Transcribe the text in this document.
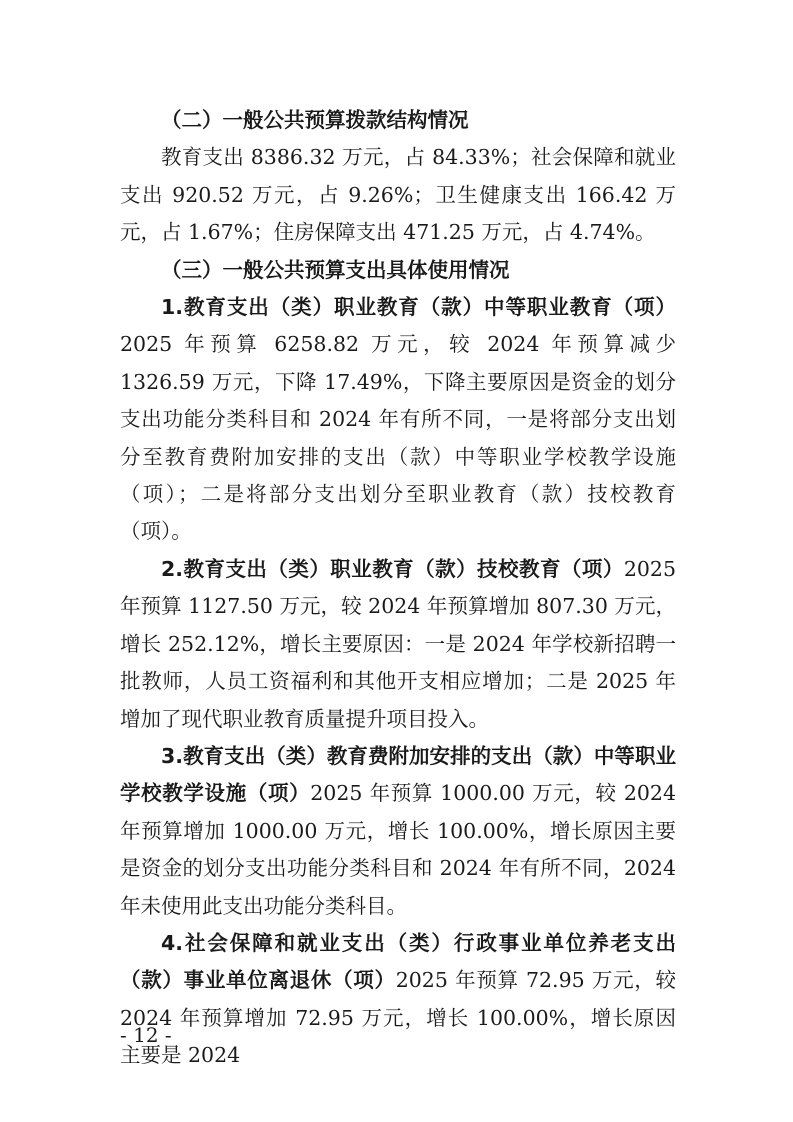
（二）一般公共预算拨款结构情况

教育支出 8386.32 万元，占 84.33%；社会保障和就业支出 920.52 万元，占 9.26%；卫生健康支出 166.42 万元，占 1.67%；住房保障支出 471.25 万元，占 4.74%。

（三）一般公共预算支出具体使用情况

1.教育支出（类）职业教育（款）中等职业教育（项）2025 年预算 6258.82 万元，较 2024 年预算减少 1326.59 万元，下降 17.49%，下降主要原因是资金的划分支出功能分类科目和 2024 年有所不同，一是将部分支出划分至教育费附加安排的支出（款）中等职业学校教学设施（项）；二是将部分支出划分至职业教育（款）技校教育（项）。

2.教育支出（类）职业教育（款）技校教育（项）2025 年预算 1127.50 万元，较 2024 年预算增加 807.30 万元，增长 252.12%，增长主要原因：一是 2024 年学校新招聘一批教师，人员工资福利和其他开支相应增加；二是 2025 年增加了现代职业教育质量提升项目投入。

3.教育支出（类）教育费附加安排的支出（款）中等职业学校教学设施（项）2025 年预算 1000.00 万元，较 2024 年预算增加 1000.00 万元，增长 100.00%，增长原因主要是资金的划分支出功能分类科目和 2024 年有所不同，2024 年未使用此支出功能分类科目。

4.社会保障和就业支出（类）行政事业单位养老支出（款）事业单位离退休（项）2025 年预算 72.95 万元，较 2024 年预算增加 72.95 万元，增长 100.00%，增长原因主要是 2024

- 12 -
